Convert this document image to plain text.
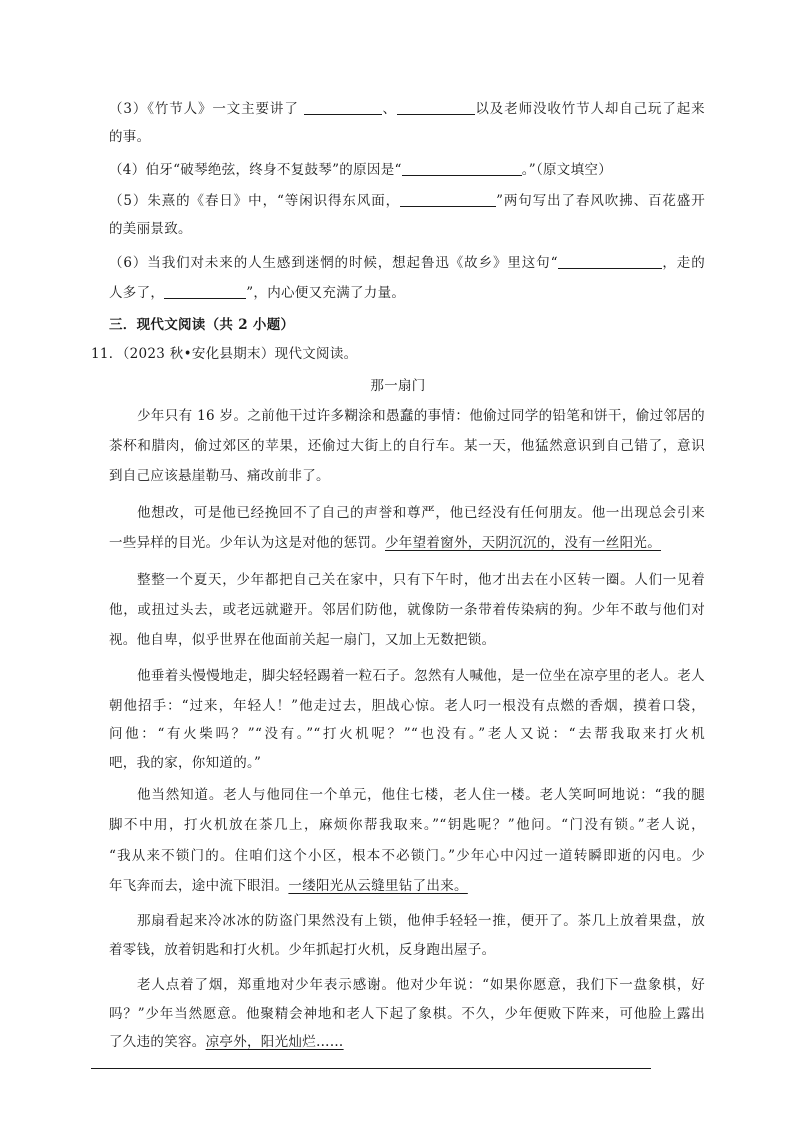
（3）《竹节人》一文主要讲了	、	以及老师没收竹节人却自己玩了起来
的事。
（4）伯牙“破琴绝弦，终身不复鼓琴”的原因是“	。”（原文填空）
（5）朱熹的《春日》中，“等闲识得东风面，	”两句写出了春风吹拂、百花盛开
的美丽景致。
（6）当我们对未来的人生感到迷惘的时候，想起鲁迅《故乡》里这句“	，走的
人多了，	”，内心便又充满了力量。
三．现代文阅读（共 2 小题）
11．（2023 秋•安化县期末）现代文阅读。
那一扇门
少年只有 16 岁。之前他干过许多糊涂和愚蠢的事情：他偷过同学的铅笔和饼干，偷过邻居的
茶杯和腊肉，偷过郊区的苹果，还偷过大街上的自行车。某一天，他猛然意识到自己错了，意识
到自己应该悬崖勒马、痛改前非了。
他想改，可是他已经挽回不了自己的声誉和尊严，他已经没有任何朋友。他一出现总会引来
一些异样的目光。少年认为这是对他的惩罚。少年望着窗外，天阴沉沉的，没有一丝阳光。
整整一个夏天，少年都把自己关在家中，只有下午时，他才出去在小区转一圈。人们一见着
他，或扭过头去，或老远就避开。邻居们防他，就像防一条带着传染病的狗。少年不敢与他们对
视。他自卑，似乎世界在他面前关起一扇门，又加上无数把锁。
他垂着头慢慢地走，脚尖轻轻踢着一粒石子。忽然有人喊他，是一位坐在凉亭里的老人。老人
朝他招手：“过来，年轻人！”他走过去，胆战心惊。老人叼一根没有点燃的香烟，摸着口袋，
问他：“有火柴吗？”“没有。”“打火机呢？”“也没有。”老人又说：“去帮我取来打火机
吧，我的家，你知道的。”
他当然知道。老人与他同住一个单元，他住七楼，老人住一楼。老人笑呵呵地说：“我的腿
脚不中用，打火机放在茶几上，麻烦你帮我取来。”“钥匙呢？”他问。“门没有锁。”老人说，
“我从来不锁门的。住咱们这个小区，根本不必锁门。”少年心中闪过一道转瞬即逝的闪电。少
年飞奔而去，途中流下眼泪。一缕阳光从云缝里钻了出来。
那扇看起来冷冰冰的防盗门果然没有上锁，他伸手轻轻一推，便开了。茶几上放着果盘，放
着零钱，放着钥匙和打火机。少年抓起打火机，反身跑出屋子。
老人点着了烟，郑重地对少年表示感谢。他对少年说：“如果你愿意，我们下一盘象棋，好
吗？”少年当然愿意。他聚精会神地和老人下起了象棋。不久，少年便败下阵来，可他脸上露出
了久违的笑容。凉亭外，阳光灿烂……
